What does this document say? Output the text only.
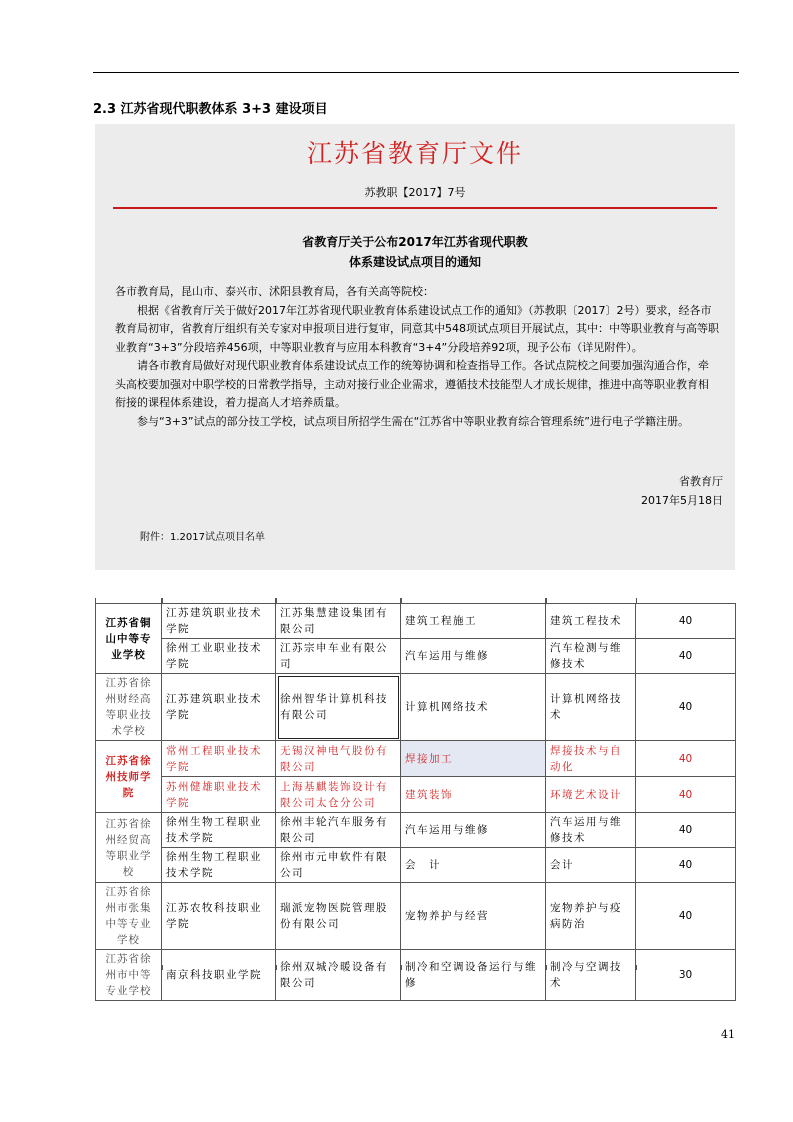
2.3 江苏省现代职教体系 3+3 建设项目
江苏省教育厅文件
苏教职【2017】7号
省教育厅关于公布2017年江苏省现代职教
体系建设试点项目的通知

各市教育局，昆山市、泰兴市、沭阳县教育局，各有关高等院校：

根据《省教育厅关于做好2017年江苏省现代职业教育体系建设试点工作的通知》（苏教职〔2017〕2号）要求，经各市教育局初审，省教育厅组织有关专家对申报项目进行复审，同意其中548项试点项目开展试点，其中：中等职业教育与高等职业教育“3+3”分段培养456项，中等职业教育与应用本科教育“3+4”分段培养92项，现予公布（详见附件）。

请各市教育局做好对现代职业教育体系建设试点工作的统筹协调和检查指导工作。各试点院校之间要加强沟通合作，牵头高校要加强对中职学校的日常教学指导，主动对接行业企业需求，遵循技术技能型人才成长规律，推进中高等职业教育相衔接的课程体系建设，着力提高人才培养质量。

参与“3+3”试点的部分技工学校，试点项目所招学生需在“江苏省中等职业教育综合管理系统”进行电子学籍注册。

省教育厅
2017年5月18日
附件：1.2017试点项目名单
江苏省铜山中等专业学校	江苏建筑职业技术学院	江苏集慧建设集团有限公司	建筑工程施工	建筑工程技术	40
	徐州工业职业技术学院	江苏宗申车业有限公司	汽车运用与维修	汽车检测与维修技术	40
江苏省徐州财经高等职业技术学校	江苏建筑职业技术学院	徐州智华计算机科技有限公司	计算机网络技术	计算机网络技术	40
江苏省徐州技师学院	常州工程职业技术学院	无锡汉神电气股份有限公司	焊接加工	焊接技术与自动化	40
	苏州健雄职业技术学院	上海基麒装饰设计有限公司太仓分公司	建筑装饰	环境艺术设计	40
江苏省徐州经贸高等职业学校	徐州生物工程职业技术学院	徐州丰轮汽车服务有限公司	汽车运用与维修	汽车运用与维修技术	40
	徐州生物工程职业技术学院	徐州市元申软件有限公司	会　计	会计	40
江苏省徐州市张集中等专业学校	江苏农牧科技职业学院	瑞派宠物医院管理股份有限公司	宠物养护与经营	宠物养护与疫病防治	40
江苏省徐州市中等专业学校	南京科技职业学院	徐州双城冷暖设备有限公司	制冷和空调设备运行与维修	制冷与空调技术	30
41
